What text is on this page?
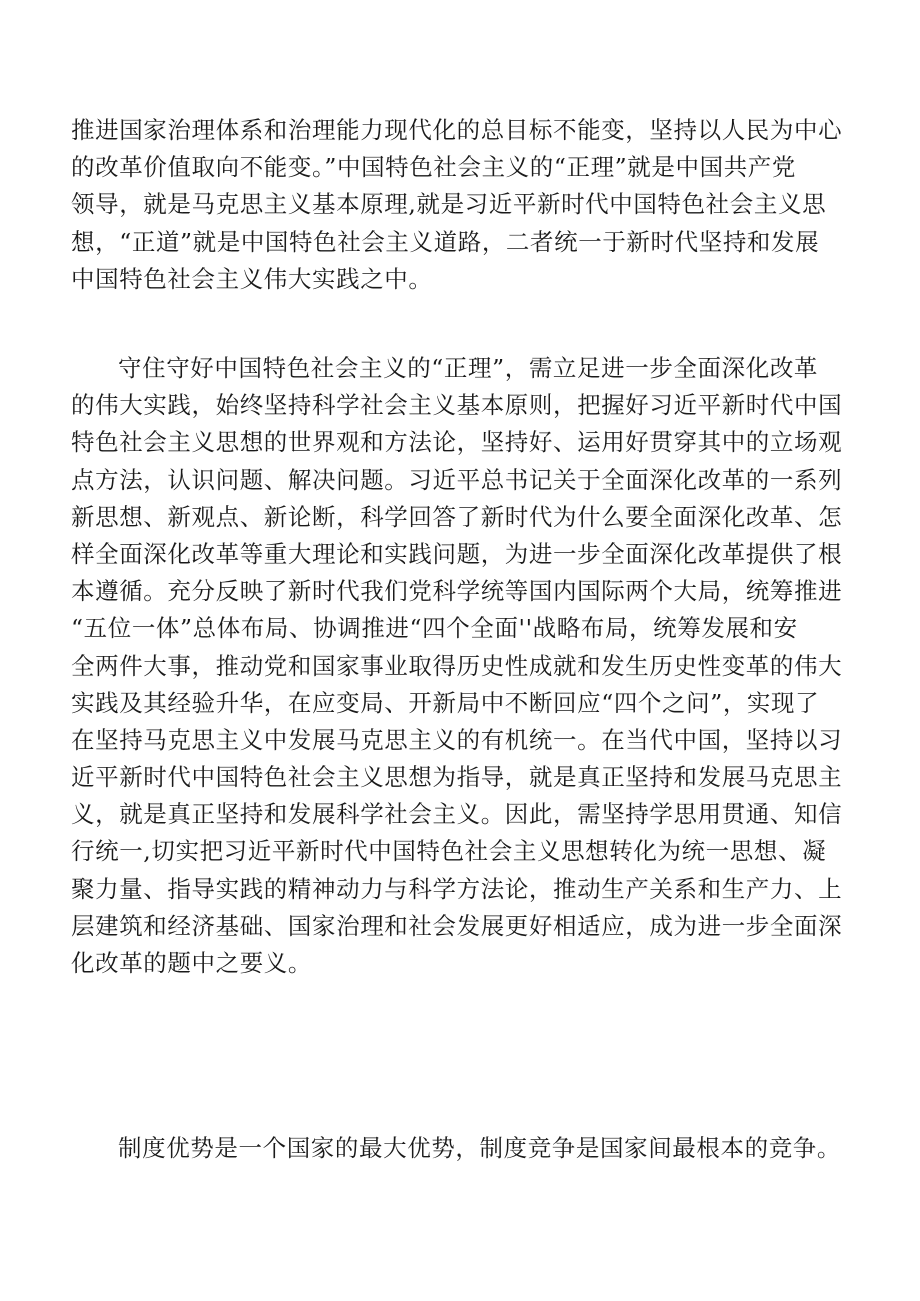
推进国家治理体系和治理能力现代化的总目标不能变，坚持以人民为中心
的改革价值取向不能变。”中国特色社会主义的“正理”就是中国共产党
领导，就是马克思主义基本原理,就是习近平新时代中国特色社会主义思
想，“正道”就是中国特色社会主义道路，二者统一于新时代坚持和发展
中国特色社会主义伟大实践之中。
守住守好中国特色社会主义的“正理”，需立足进一步全面深化改革
的伟大实践，始终坚持科学社会主义基本原则，把握好习近平新时代中国
特色社会主义思想的世界观和方法论，坚持好、运用好贯穿其中的立场观
点方法，认识问题、解决问题。习近平总书记关于全面深化改革的一系列
新思想、新观点、新论断，科学回答了新时代为什么要全面深化改革、怎
样全面深化改革等重大理论和实践问题，为进一步全面深化改革提供了根
本遵循。充分反映了新时代我们党科学统等国内国际两个大局，统筹推进
“五位一体”总体布局、协调推进“四个全面''战略布局，统筹发展和安
全两件大事，推动党和国家事业取得历史性成就和发生历史性变革的伟大
实践及其经验升华，在应变局、开新局中不断回应“四个之问”，实现了
在坚持马克思主义中发展马克思主义的有机统一。在当代中国，坚持以习
近平新时代中国特色社会主义思想为指导，就是真正坚持和发展马克思主
义，就是真正坚持和发展科学社会主义。因此，需坚持学思用贯通、知信
行统一,切实把习近平新时代中国特色社会主义思想转化为统一思想、凝
聚力量、指导实践的精神动力与科学方法论，推动生产关系和生产力、上
层建筑和经济基础、国家治理和社会发展更好相适应，成为进一步全面深
化改革的题中之要义。
制度优势是一个国家的最大优势，制度竞争是国家间最根本的竞争。
